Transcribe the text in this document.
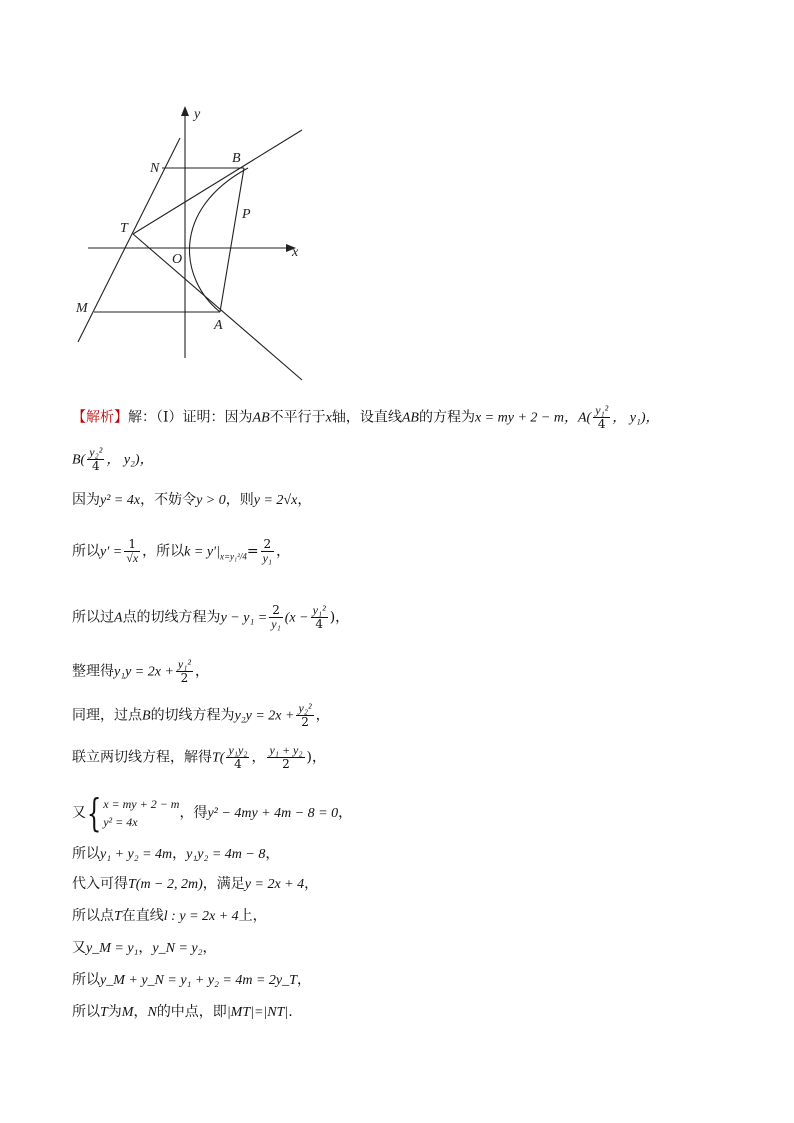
y
x
N
B
T
P
O
M
A
【解析】解：（Ⅰ）证明：因为AB不平行于x轴，设直线AB的方程为x = my + 2 − m，$A( \frac{\text{y₁²}}{4}$ ， y₁)，
$B( \frac{\text{y₂²}}{4}$ ， y₂)，
因为y² = 4x，不妨令y > 0，则y = 2√x，
所以$y' = \frac{1}{√x}$ ，所以$k = y'|_{x=y_1^2/4}= \frac{2}{\text{y₁}}$ ，
所以过A点的切线方程为$y - y_1 = \frac{2}{\text{y₁}} (x - \frac{\text{y₁²}}{4}$ )，
整理得$y_1y = 2x + \frac{\text{y₁²}}{2}$ ，
同理，过点B的切线方程为$y_2y = 2x + \frac{\text{y₂²}}{2}$ ，
联立两切线方程，解得$T( \frac{\text{y₁y₂}}{4}$ ， $\frac{\text{y₁ + y₂}}{2}$ )，
又{ x = my + 2 − m
y² = 4x
，得y² − 4my + 4m − 8 = 0，
所以y₁ + y₂ = 4m，y₁y₂ = 4m − 8，
代入可得T(m − 2, 2m)，满足y = 2x + 4，
所以点T在直线l : y = 2x + 4上，
又y_M = y₁，y_N = y₂，
所以y_M + y_N = y₁ + y₂ = 4m = 2y_T，
所以T为M，N的中点，即|MT|=|NT|.
